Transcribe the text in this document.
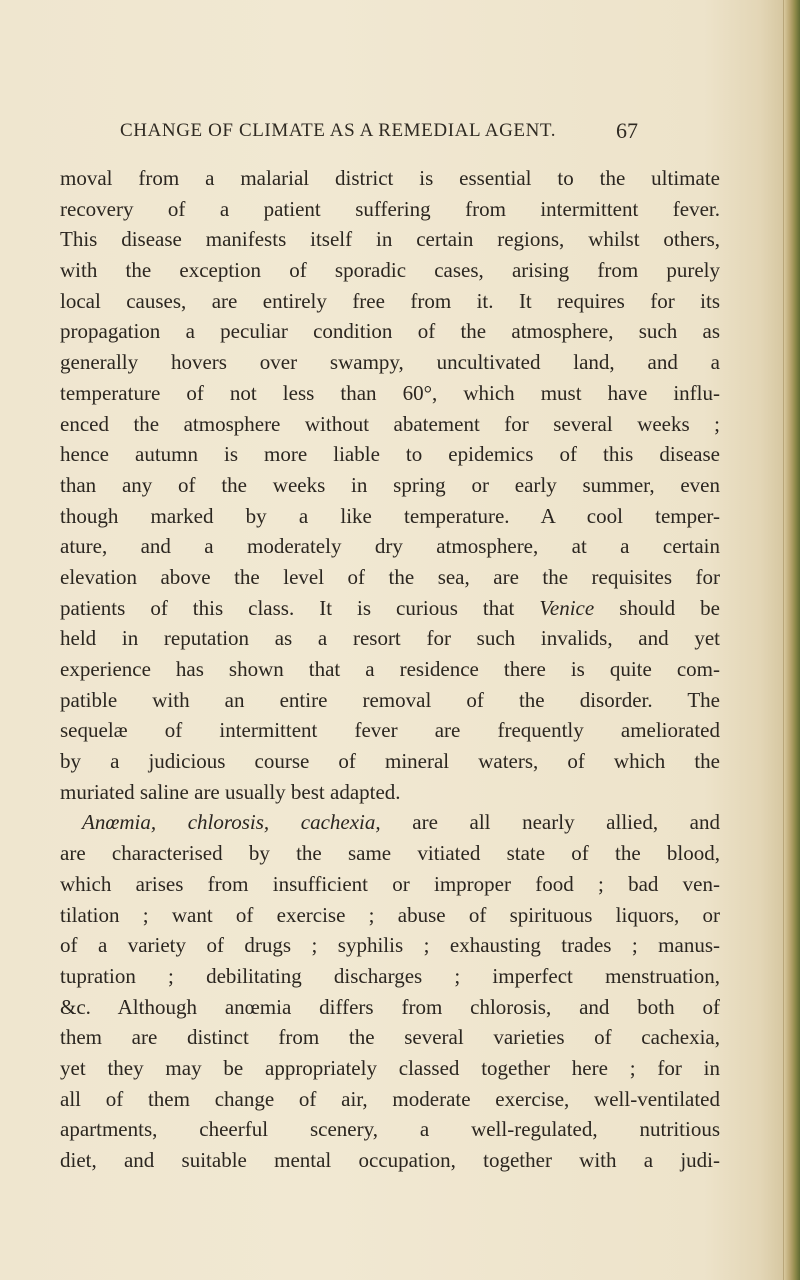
CHANGE OF CLIMATE AS A REMEDIAL AGENT.	67
moval from a malarial district is essential to the ultimate
recovery of a patient suffering from intermittent fever.
This disease manifests itself in certain regions, whilst others,
with the exception of sporadic cases, arising from purely
local causes, are entirely free from it. It requires for its
propagation a peculiar condition of the atmosphere, such as
generally hovers over swampy, uncultivated land, and a
temperature of not less than 60°, which must have influ-
enced the atmosphere without abatement for several weeks ;
hence autumn is more liable to epidemics of this disease
than any of the weeks in spring or early summer, even
though marked by a like temperature. A cool temper-
ature, and a moderately dry atmosphere, at a certain
elevation above the level of the sea, are the requisites for
patients of this class. It is curious that Venice should be
held in reputation as a resort for such invalids, and yet
experience has shown that a residence there is quite com-
patible with an entire removal of the disorder. The
sequelæ of intermittent fever are frequently ameliorated
by a judicious course of mineral waters, of which the
muriated saline are usually best adapted.
Anœmia, chlorosis, cachexia, are all nearly allied, and
are characterised by the same vitiated state of the blood,
which arises from insufficient or improper food ; bad ven-
tilation ; want of exercise ; abuse of spirituous liquors, or
of a variety of drugs ; syphilis ; exhausting trades ; manus-
tupration ; debilitating discharges ; imperfect menstruation,
&c. Although anœmia differs from chlorosis, and both of
them are distinct from the several varieties of cachexia,
yet they may be appropriately classed together here ; for in
all of them change of air, moderate exercise, well-ventilated
apartments, cheerful scenery, a well-regulated, nutritious
diet, and suitable mental occupation, together with a judi-
